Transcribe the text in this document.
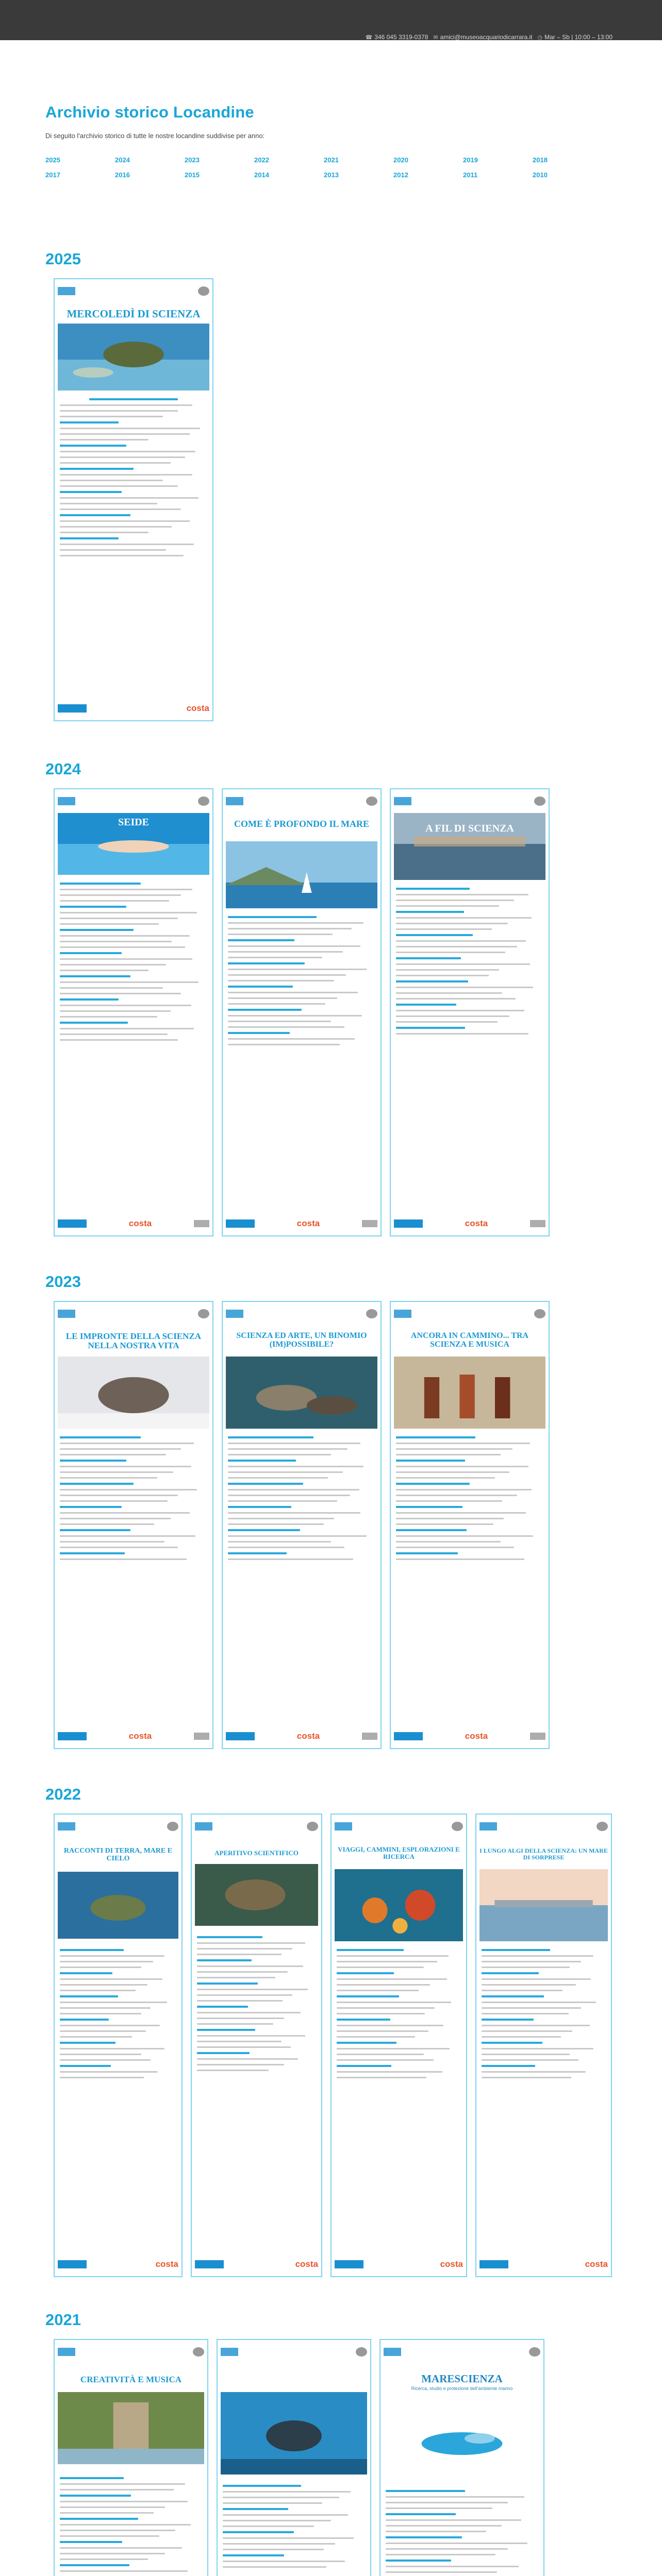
☎ 346 045 3319-0378 ✉ amici@museoacquariodicarrara.it ◷ Mar – Sb | 10:00 – 13:00
Archivio storico Locandine

Di seguito l'archivio storico di tutte le nostre locandine suddivise per anno:

2025	2024	2023	2022	2021	2020	2019	2018
2017	2016	2015	2014	2013	2012	2011	2010
2025
MERCOLEDÌ DI SCIENZA
costa
2024
SEIDE
costa
COME È PROFONDO IL MARE
costa
A FIL DI SCIENZA
costa
2023
LE IMPRONTE DELLA SCIENZA NELLA NOSTRA VITA
costa
SCIENZA ED ARTE, UN BINOMIO (IM)POSSIBILE?
costa
ANCORA IN CAMMINO... TRA SCIENZA E MUSICA
costa
2022
RACCONTI DI TERRA, MARE E CIELO
costa
APERITIVO SCIENTIFICO
costa
VIAGGI, CAMMINI, ESPLORAZIONI E RICERCA
costa
I LUNGO ALGI DELLA SCIENZA: UN MARE DI SORPRESE
costa
2021
CREATIVITÀ E MUSICA	MARESCIENZA
Ricerca, studio e protezione dell'ambiente marino
